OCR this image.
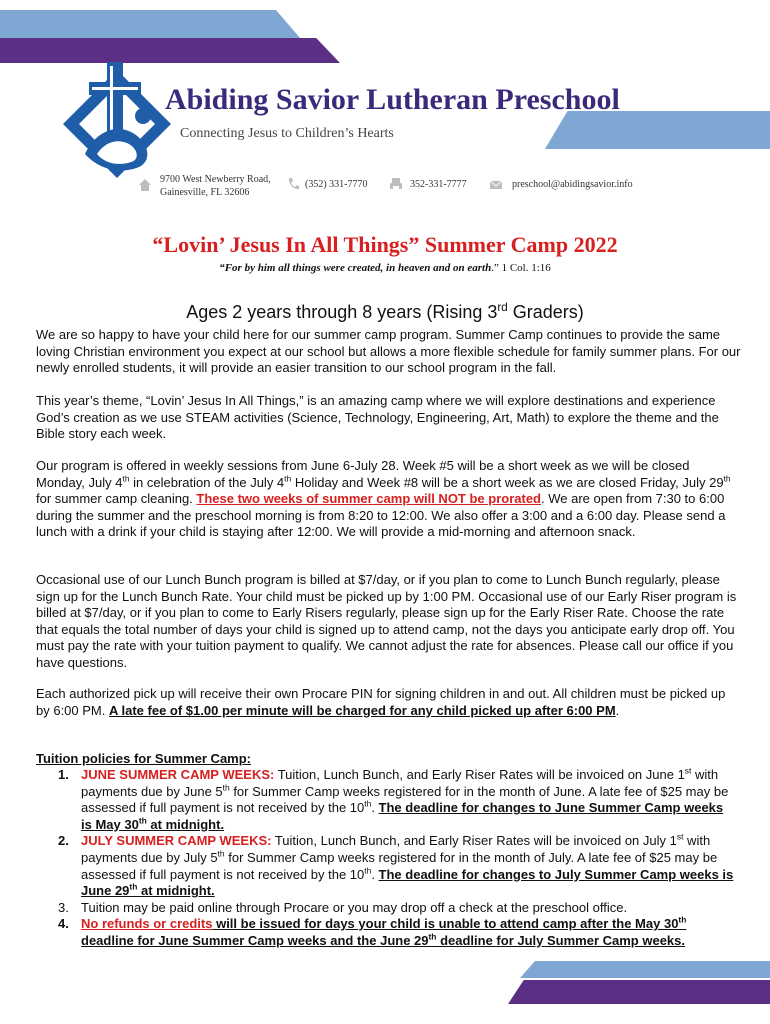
Abiding Savior Lutheran Preschool
Connecting Jesus to Children’s Hearts
9700 West Newberry Road,
Gainesville, FL 32606
(352) 331-7770	352-331-7777	preschool@abidingsavior.info
“Lovin’ Jesus In All Things” Summer Camp 2022
“For by him all things were created, in heaven and on earth.” 1 Col. 1:16
Ages 2 years through 8 years (Rising 3rd Graders)
We are so happy to have your child here for our summer camp program. Summer Camp continues to provide the same loving Christian environment you expect at our school but allows a more flexible schedule for family summer plans. For our newly enrolled students, it will provide an easier transition to our school program in the fall.
This year’s theme, “Lovin’ Jesus In All Things,” is an amazing camp where we will explore destinations and experience God’s creation as we use STEAM activities (Science, Technology, Engineering, Art, Math) to explore the theme and the Bible story each week.
Our program is offered in weekly sessions from June 6-July 28. Week #5 will be a short week as we will be closed Monday, July 4th in celebration of the July 4th Holiday and Week #8 will be a short week as we are closed Friday, July 29th for summer camp cleaning. These two weeks of summer camp will NOT be prorated. We are open from 7:30 to 6:00 during the summer and the preschool morning is from 8:20 to 12:00. We also offer a 3:00 and a 6:00 day. Please send a lunch with a drink if your child is staying after 12:00. We will provide a mid-morning and afternoon snack.
Occasional use of our Lunch Bunch program is billed at $7/day, or if you plan to come to Lunch Bunch regularly, please sign up for the Lunch Bunch Rate. Your child must be picked up by 1:00 PM. Occasional use of our Early Riser program is billed at $7/day, or if you plan to come to Early Risers regularly, please sign up for the Early Riser Rate. Choose the rate that equals the total number of days your child is signed up to attend camp, not the days you anticipate early drop off. You must pay the rate with your tuition payment to qualify. We cannot adjust the rate for absences. Please call our office if you have questions.
Each authorized pick up will receive their own Procare PIN for signing children in and out. All children must be picked up by 6:00 PM. A late fee of $1.00 per minute will be charged for any child picked up after 6:00 PM.
Tuition policies for Summer Camp:
1. JUNE SUMMER CAMP WEEKS: Tuition, Lunch Bunch, and Early Riser Rates will be invoiced on June 1st with payments due by June 5th for Summer Camp weeks registered for in the month of June. A late fee of $25 may be assessed if full payment is not received by the 10th. The deadline for changes to June Summer Camp weeks is May 30th at midnight.
2. JULY SUMMER CAMP WEEKS: Tuition, Lunch Bunch, and Early Riser Rates will be invoiced on July 1st with payments due by July 5th for Summer Camp weeks registered for in the month of July. A late fee of $25 may be assessed if full payment is not received by the 10th. The deadline for changes to July Summer Camp weeks is June 29th at midnight.
3. Tuition may be paid online through Procare or you may drop off a check at the preschool office.
4. No refunds or credits will be issued for days your child is unable to attend camp after the May 30th deadline for June Summer Camp weeks and the June 29th deadline for July Summer Camp weeks.
